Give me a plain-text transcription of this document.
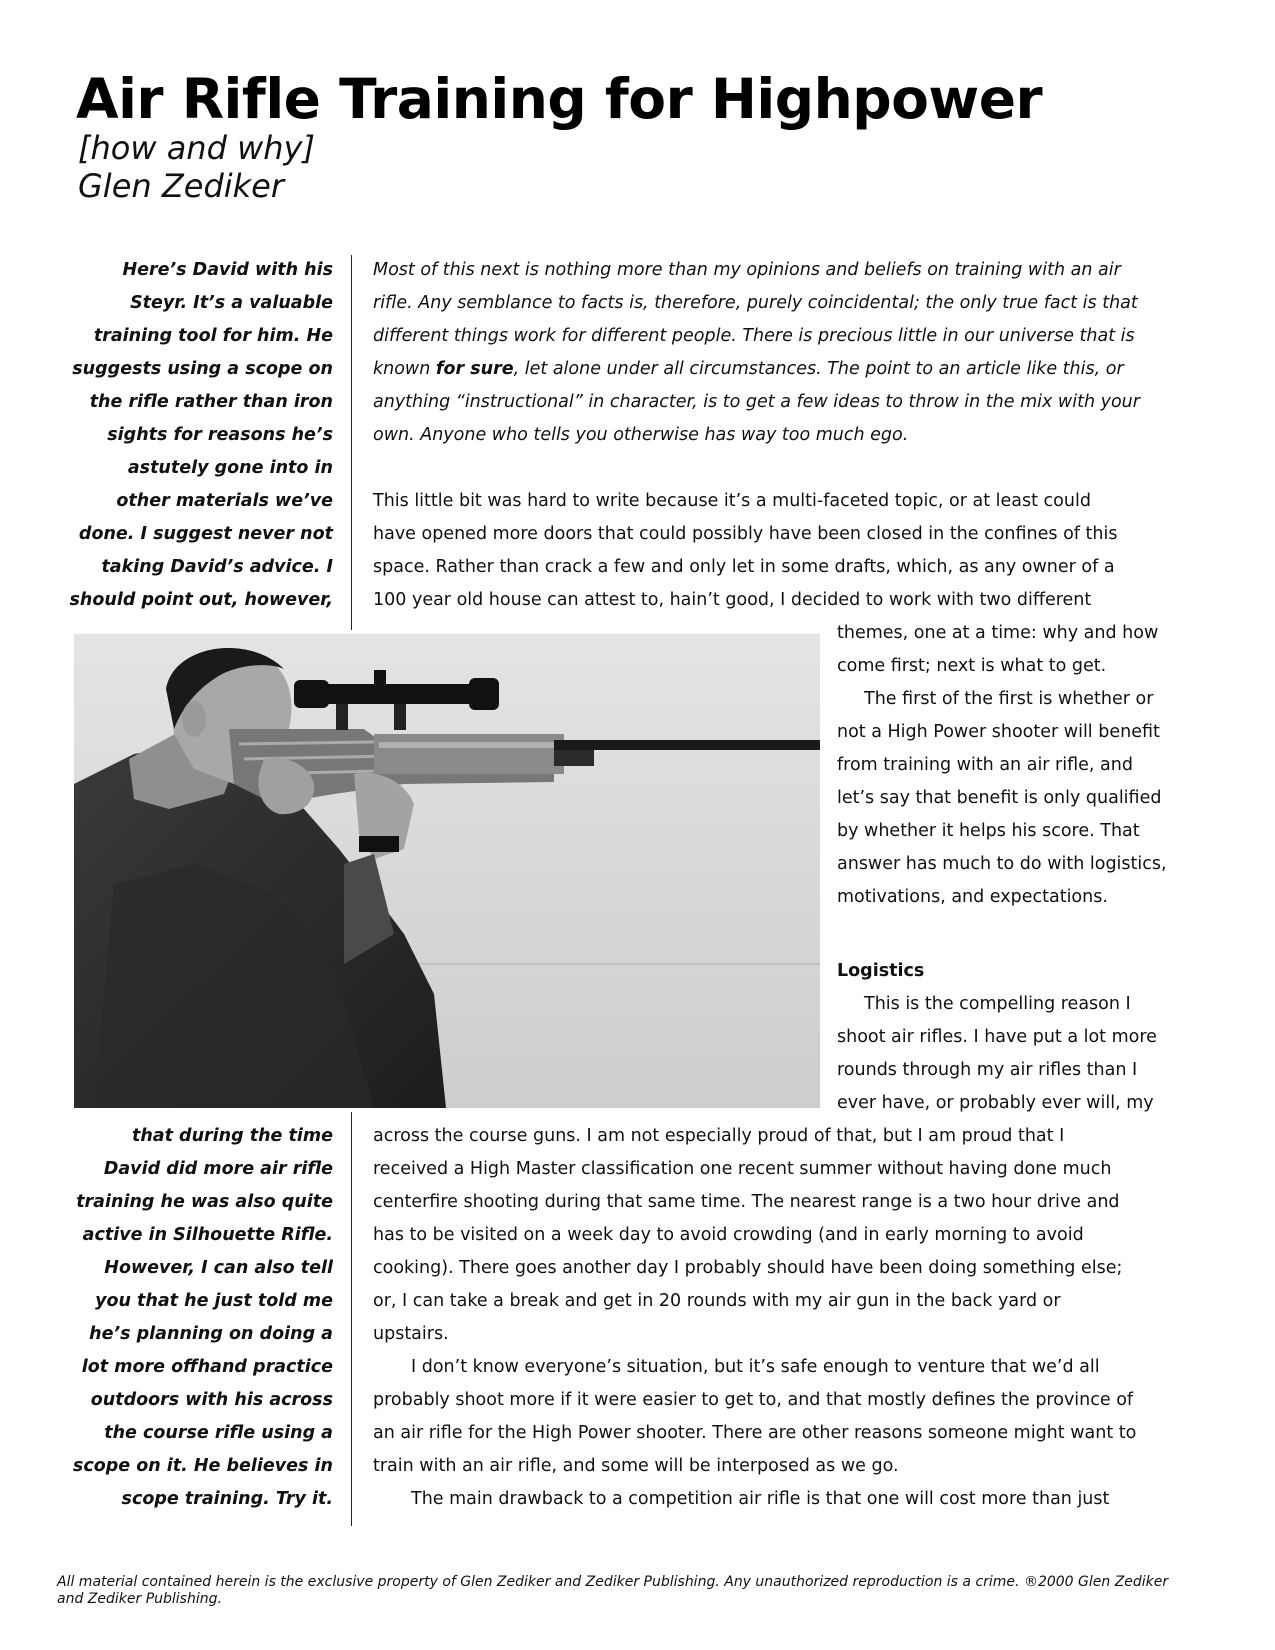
Air Rifle Training for Highpower
[how and why]
Glen Zediker
Here’s David with his
Steyr. It’s a valuable
training tool for him. He
suggests using a scope on
the rifle rather than iron
sights for reasons he’s
astutely gone into in
other materials we’ve
done. I suggest never not
taking David’s advice. I
should point out, however,
Most of this next is nothing more than my opinions and beliefs on training with an air
rifle. Any semblance to facts is, therefore, purely coincidental; the only true fact is that
different things work for different people. There is precious little in our universe that is
known for sure, let alone under all circumstances. The point to an article like this, or
anything “instructional” in character, is to get a few ideas to throw in the mix with your
own. Anyone who tells you otherwise has way too much ego.
This little bit was hard to write because it’s a multi-faceted topic, or at least could
have opened more doors that could possibly have been closed in the confines of this
space. Rather than crack a few and only let in some drafts, which, as any owner of a
100 year old house can attest to, hain’t good, I decided to work with two different
themes, one at a time: why and how
come first; next is what to get.
The first of the first is whether or
not a High Power shooter will benefit
from training with an air rifle, and
let’s say that benefit is only qualified
by whether it helps his score. That
answer has much to do with logistics,
motivations, and expectations.
Logistics
This is the compelling reason I
shoot air rifles. I have put a lot more
rounds through my air rifles than I
ever have, or probably ever will, my
that during the time
David did more air rifle
training he was also quite
active in Silhouette Rifle.
However, I can also tell
you that he just told me
he’s planning on doing a
lot more offhand practice
outdoors with his across
the course rifle using a
scope on it. He believes in
scope training. Try it.
across the course guns. I am not especially proud of that, but I am proud that I
received a High Master classification one recent summer without having done much
centerfire shooting during that same time. The nearest range is a two hour drive and
has to be visited on a week day to avoid crowding (and in early morning to avoid
cooking). There goes another day I probably should have been doing something else;
or, I can take a break and get in 20 rounds with my air gun in the back yard or
upstairs.
I don’t know everyone’s situation, but it’s safe enough to venture that we’d all
probably shoot more if it were easier to get to, and that mostly defines the province of
an air rifle for the High Power shooter. There are other reasons someone might want to
train with an air rifle, and some will be interposed as we go.
The main drawback to a competition air rifle is that one will cost more than just
All material contained herein is the exclusive property of Glen Zediker and Zediker Publishing. Any unauthorized reproduction is a crime. ®2000 Glen Zediker and Zediker Publishing.
